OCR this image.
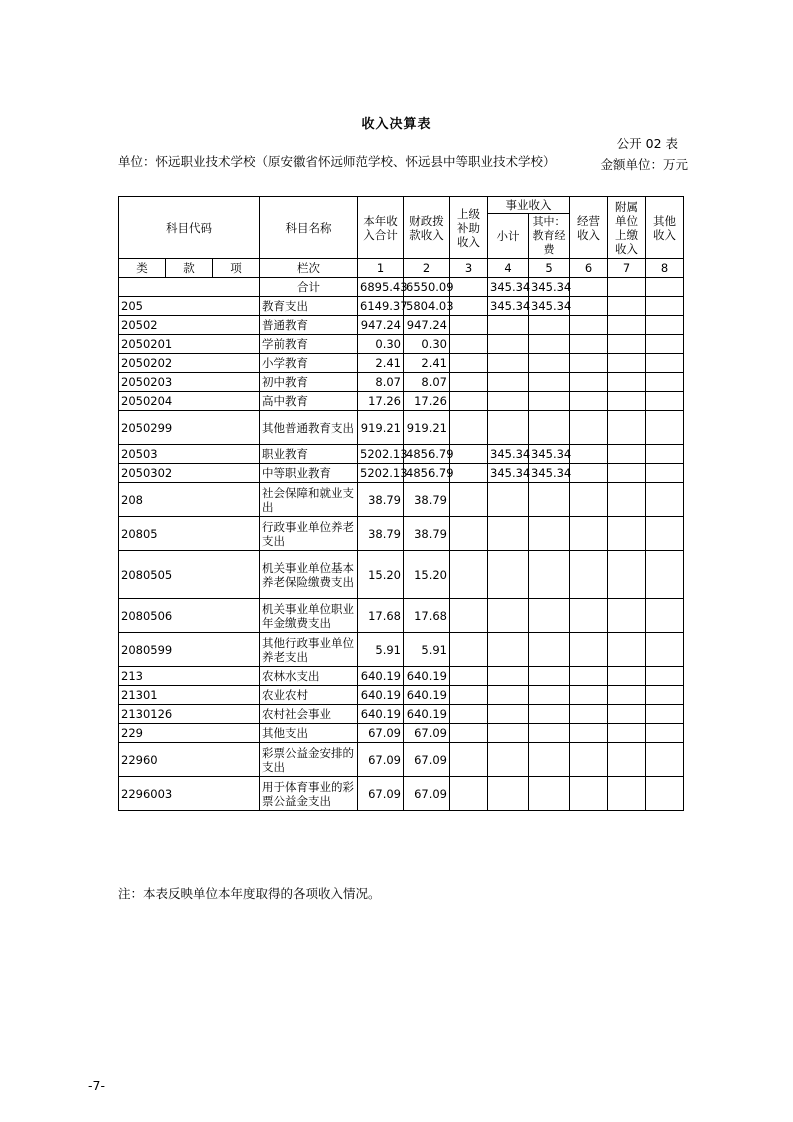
收入决算表
公开 02 表
单位：怀远职业技术学校（原安徽省怀远师范学校、怀远县中等职业技术学校）	金额单位：万元
科目代码			科目名称	本年收入合计	财政拨款收入	上级补助收入	事业收入		经营收入	附属单位上缴收入	其他收入
							小计	其中：教育经费			
类	款	项	栏次	1	2	3	4	5	6	7	8
			合计	6895.43	6550.09		345.34	345.34			
205			教育支出	6149.37	5804.03		345.34	345.34			
20502			普通教育	947.24	947.24						
2050201			学前教育	0.30	0.30						
2050202			小学教育	2.41	2.41						
2050203			初中教育	8.07	8.07						
2050204			高中教育	17.26	17.26						
2050299			其他普通教育支出	919.21	919.21						
20503			职业教育	5202.13	4856.79		345.34	345.34			
2050302			中等职业教育	5202.13	4856.79		345.34	345.34			
208			社会保障和就业支出	38.79	38.79						
20805			行政事业单位养老支出	38.79	38.79						
2080505			机关事业单位基本养老保险缴费支出	15.20	15.20						
2080506			机关事业单位职业年金缴费支出	17.68	17.68						
2080599			其他行政事业单位养老支出	5.91	5.91						
213			农林水支出	640.19	640.19						
21301			农业农村	640.19	640.19						
2130126			农村社会事业	640.19	640.19						
229			其他支出	67.09	67.09						
22960			彩票公益金安排的支出	67.09	67.09						
2296003			用于体育事业的彩票公益金支出	67.09	67.09						
注：本表反映单位本年度取得的各项收入情况。
-7-
